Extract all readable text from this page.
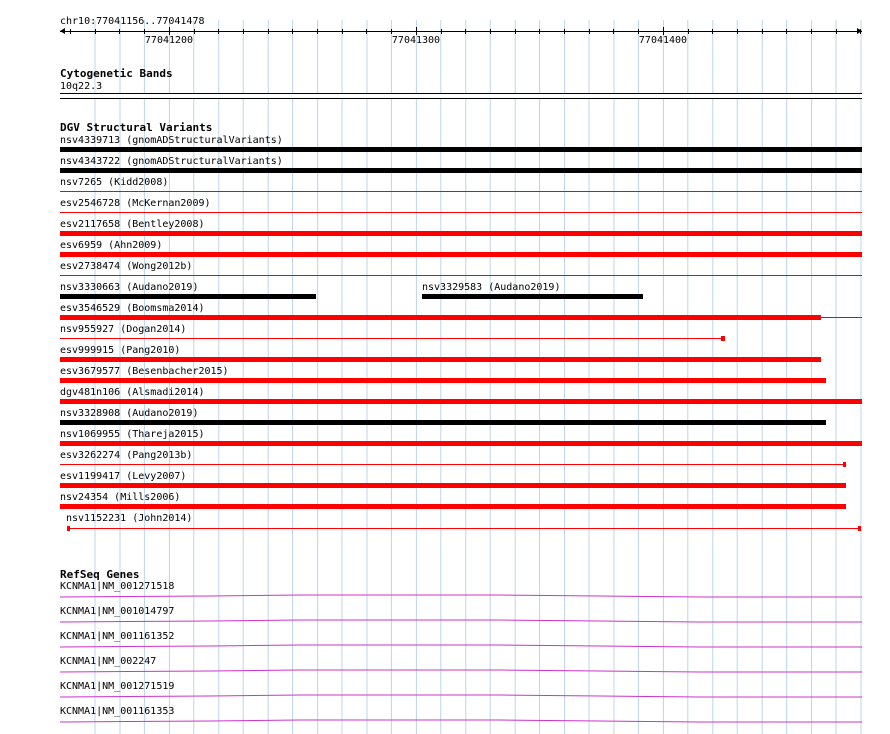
chr10:77041156..77041478
77041200	77041300	77041400
Cytogenetic Bands
10q22.3
DGV Structural Variants
nsv4339713 (gnomADStructuralVariants)
nsv4343722 (gnomADStructuralVariants)
nsv7265 (Kidd2008)
esv2546728 (McKernan2009)
esv2117658 (Bentley2008)
esv6959 (Ahn2009)
esv2738474 (Wong2012b)
nsv3330663 (Audano2019)	nsv3329583 (Audano2019)
esv3546529 (Boomsma2014)
nsv955927 (Dogan2014)
esv999915 (Pang2010)
esv3679577 (Besenbacher2015)
dgv481n106 (Alsmadi2014)
nsv3328908 (Audano2019)
nsv1069955 (Thareja2015)
esv3262274 (Pang2013b)
esv1199417 (Levy2007)
nsv24354 (Mills2006)
nsv1152231 (John2014)
RefSeq Genes
KCNMA1|NM_001271518
KCNMA1|NM_001014797
KCNMA1|NM_001161352
KCNMA1|NM_002247
KCNMA1|NM_001271519
KCNMA1|NM_001161353
